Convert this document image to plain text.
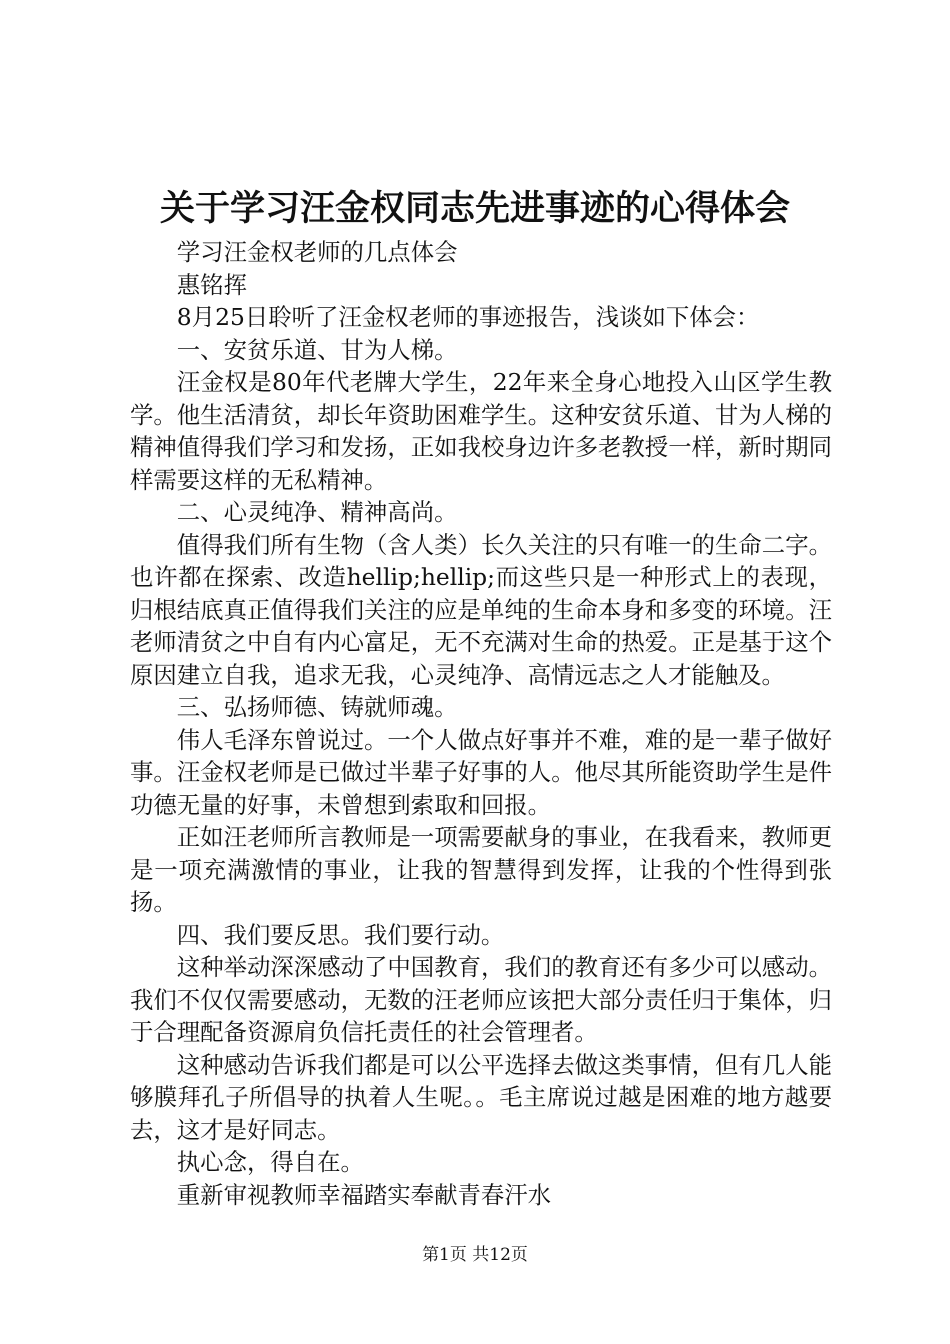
关于学习汪金权同志先进事迹的心得体会

学习汪金权老师的几点体会

惠铭挥

8月25日聆听了汪金权老师的事迹报告，浅谈如下体会：

一、安贫乐道、甘为人梯。

汪金权是80年代老牌大学生，22年来全身心地投入山区学生教学。他生活清贫，却长年资助困难学生。这种安贫乐道、甘为人梯的精神值得我们学习和发扬，正如我校身边许多老教授一样，新时期同样需要这样的无私精神。

二、心灵纯净、精神高尚。

值得我们所有生物（含人类）长久关注的只有唯一的生命二字。也许都在探索、改造hellip;hellip;而这些只是一种形式上的表现，归根结底真正值得我们关注的应是单纯的生命本身和多变的环境。汪老师清贫之中自有内心富足，无不充满对生命的热爱。正是基于这个原因建立自我，追求无我，心灵纯净、高情远志之人才能触及。

三、弘扬师德、铸就师魂。

伟人毛泽东曾说过。一个人做点好事并不难，难的是一辈子做好事。汪金权老师是已做过半辈子好事的人。他尽其所能资助学生是件功德无量的好事，未曾想到索取和回报。

正如汪老师所言教师是一项需要献身的事业，在我看来，教师更是一项充满激情的事业，让我的智慧得到发挥，让我的个性得到张扬。

四、我们要反思。我们要行动。

这种举动深深感动了中国教育，我们的教育还有多少可以感动。我们不仅仅需要感动，无数的汪老师应该把大部分责任归于集体，归于合理配备资源肩负信托责任的社会管理者。

这种感动告诉我们都是可以公平选择去做这类事情，但有几人能够膜拜孔子所倡导的执着人生呢。。毛主席说过越是困难的地方越要去，这才是好同志。

执心念，得自在。

重新审视教师幸福踏实奉献青春汗水

第1页 共12页
